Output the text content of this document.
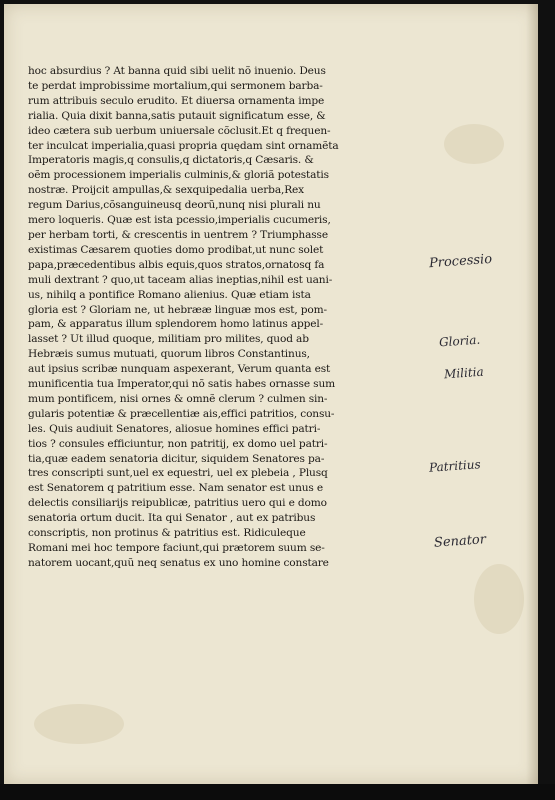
hoc absurdius ? At banna quid sibi uelit nõ inuenio. Deus
te perdat improbissime mortalium,qui sermonem barba-
rum attribuis seculo erudito. Et diuersa ornamenta impe
rialia. Quia dixit banna,satis putauit significatum esse, &
ideo cætera sub uerbum uniuersale cõclusit.Et q frequen-
ter inculcat imperialia,quasi propria quędam sint ornamẽta
Imperatoris magis,q consulis,q dictatoris,q Cæsaris. &
oẽm processionem imperialis culminis,& gloriã potestatis
nostræ. Proijcit ampullas,& sexquipedalia uerba,Rex
regum Darius,cõsanguineusq deorũ,nunq nisi plurali nu
mero loqueris. Quæ est ista pcessio,imperialis cucumeris,
per herbam torti, & crescentis in uentrem ? Triumphasse
existimas Cæsarem quoties domo prodibat,ut nunc solet
papa,præcedentibus albis equis,quos stratos,ornatosq fa
muli dextrant ? quo,ut taceam alias ineptias,nihil est uani-
us, nihilq a pontifice Romano alienius. Quæ etiam ista
gloria est ? Gloriam ne, ut hebrææ linguæ mos est, pom-
pam, & apparatus illum splendorem homo latinus appel-
lasset ? Ut illud quoque, militiam pro milites, quod ab
Hebræis sumus mutuati, quorum libros Constantinus,
aut ipsius scribæ nunquam aspexerant, Verum quanta est
munificentia tua Imperator,qui nõ satis habes ornasse sum
mum pontificem, nisi ornes & omnẽ clerum ? culmen sin-
gularis potentiæ & præcellentiæ ais,effici patritios, consu-
les. Quis audiuit Senatores, aliosue homines effici patri-
tios ? consules efficiuntur, non patritij, ex domo uel patri-
tia,quæ eadem senatoria dicitur, siquidem Senatores pa-
tres conscripti sunt,uel ex equestri, uel ex plebeia , Plusq
est Senatorem q patritium esse. Nam senator est unus e
delectis consiliarijs reipublicæ, patritius uero qui e domo
senatoria ortum ducit. Ita qui Senator , aut ex patribus
conscriptis, non protinus & patritius est. Ridiculeque
Romani mei hoc tempore faciunt,qui prætorem suum se-
natorem uocant,quũ neq senatus ex uno homine constare
Processio
Gloria.
Militia
Patritius
Senator
